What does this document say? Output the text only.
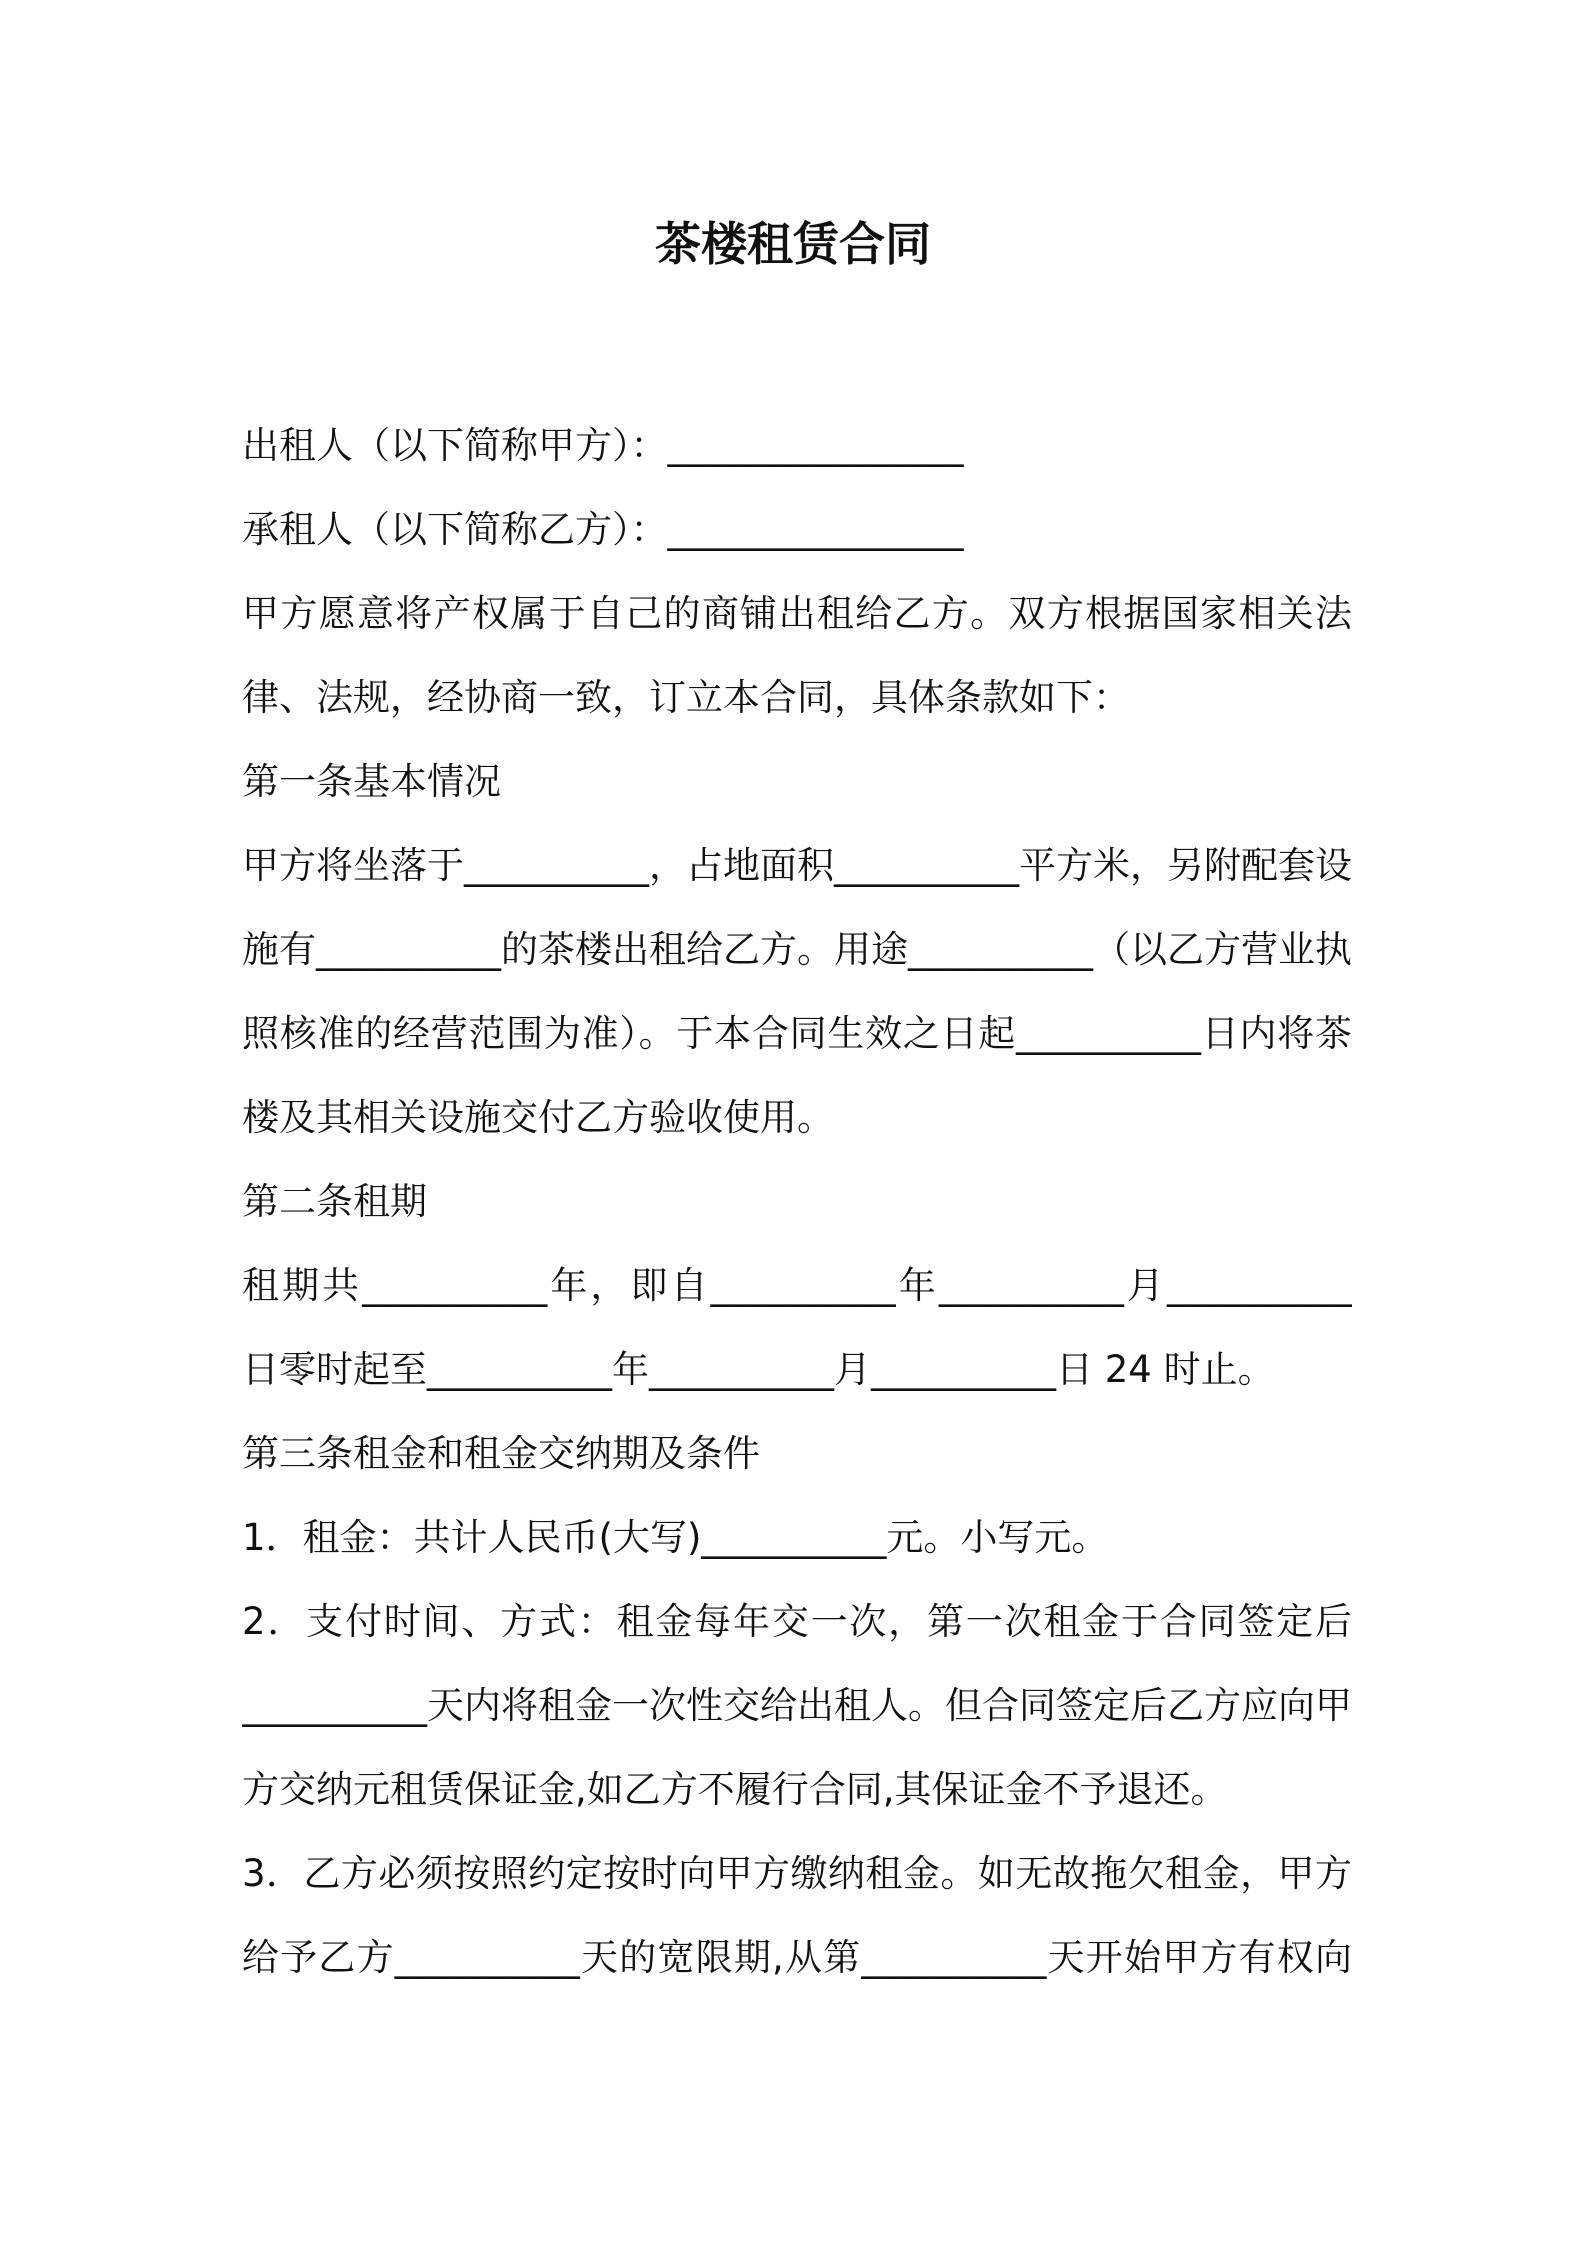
茶楼租赁合同
出租人（以下简称甲方）：________________
承租人（以下简称乙方）：________________
甲方愿意将产权属于自己的商铺出租给乙方。双方根据国家相关法
律、法规，经协商一致，订立本合同，具体条款如下：
第一条基本情况
甲方将坐落于__________，占地面积__________平方米，另附配套设
施有__________的茶楼出租给乙方。用途__________（以乙方营业执
照核准的经营范围为准）。于本合同生效之日起__________日内将茶
楼及其相关设施交付乙方验收使用。
第二条租期
租期共__________年，即自__________年__________月__________
日零时起至__________年__________月__________日 24 时止。
第三条租金和租金交纳期及条件
1．租金：共计人民币(大写)__________元。小写元。
2．支付时间、方式：租金每年交一次，第一次租金于合同签定后
__________天内将租金一次性交给出租人。但合同签定后乙方应向甲
方交纳元租赁保证金,如乙方不履行合同,其保证金不予退还。
3．乙方必须按照约定按时向甲方缴纳租金。如无故拖欠租金，甲方
给予乙方__________天的宽限期,从第__________天开始甲方有权向
